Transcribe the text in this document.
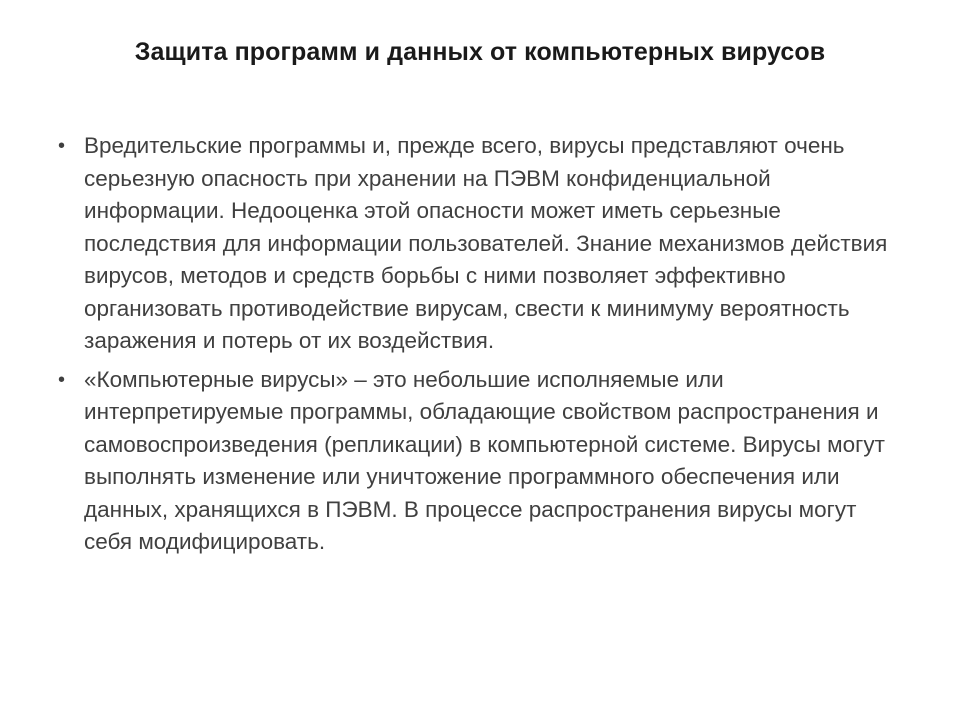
Защита программ и данных от компьютерных вирусов
• Вредительские программы и, прежде всего, вирусы представляют очень серьезную опасность при хранении на ПЭВМ конфиденциальной информации. Недооценка этой опасности может иметь серьезные последствия для информации пользователей. Знание механизмов действия вирусов, методов и средств борьбы с ними позволяет эффективно организовать противодействие вирусам, свести к минимуму вероятность заражения и потерь от их воздействия.
• «Компьютерные вирусы» – это небольшие исполняемые или интерпретируемые программы, обладающие свойством распространения и самовоспроизведения (репликации) в компьютерной системе. Вирусы могут выполнять изменение или уничтожение программного обеспечения или данных, хранящихся в ПЭВМ. В процессе распространения вирусы могут себя модифицировать.
